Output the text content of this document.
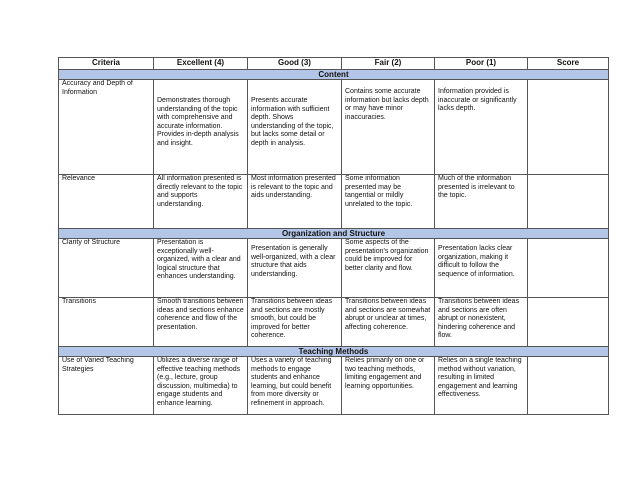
Criteria	Excellent (4)	Good (3)	Fair (2)	Poor (1)	Score
Content					
Accuracy and Depth of Information	Demonstrates thorough understanding of the topic with comprehensive and accurate information. Provides in-depth analysis and insight.	Presents accurate information with sufficient depth. Shows understanding of the topic, but lacks some detail or depth in analysis.	Contains some accurate information but lacks depth or may have minor inaccuracies.	Information provided is inaccurate or significantly lacks depth.	
Relevance	All information presented is directly relevant to the topic and supports understanding.	Most information presented is relevant to the topic and aids understanding.	Some information presented may be tangential or mildly unrelated to the topic.	Much of the information presented is irrelevant to the topic.	
Organization and Structure					
Clarity of Structure	Presentation is exceptionally well-organized, with a clear and logical structure that enhances understanding.	Presentation is generally well-organized, with a clear structure that aids understanding.	Some aspects of the presentation's organization could be improved for better clarity and flow.	Presentation lacks clear organization, making it difficult to follow the sequence of information.	
Transitions	Smooth transitions between ideas and sections enhance coherence and flow of the presentation.	Transitions between ideas and sections are mostly smooth, but could be improved for better coherence.	Transitions between ideas and sections are somewhat abrupt or unclear at times, affecting coherence.	Transitions between ideas and sections are often abrupt or nonexistent, hindering coherence and flow.	
Teaching Methods					
Use of Varied Teaching Strategies	Utilizes a diverse range of effective teaching methods (e.g., lecture, group discussion, multimedia) to engage students and enhance learning.	Uses a variety of teaching methods to engage students and enhance learning, but could benefit from more diversity or refinement in approach.	Relies primarily on one or two teaching methods, limiting engagement and learning opportunities.	Relies on a single teaching method without variation, resulting in limited engagement and learning effectiveness.	
